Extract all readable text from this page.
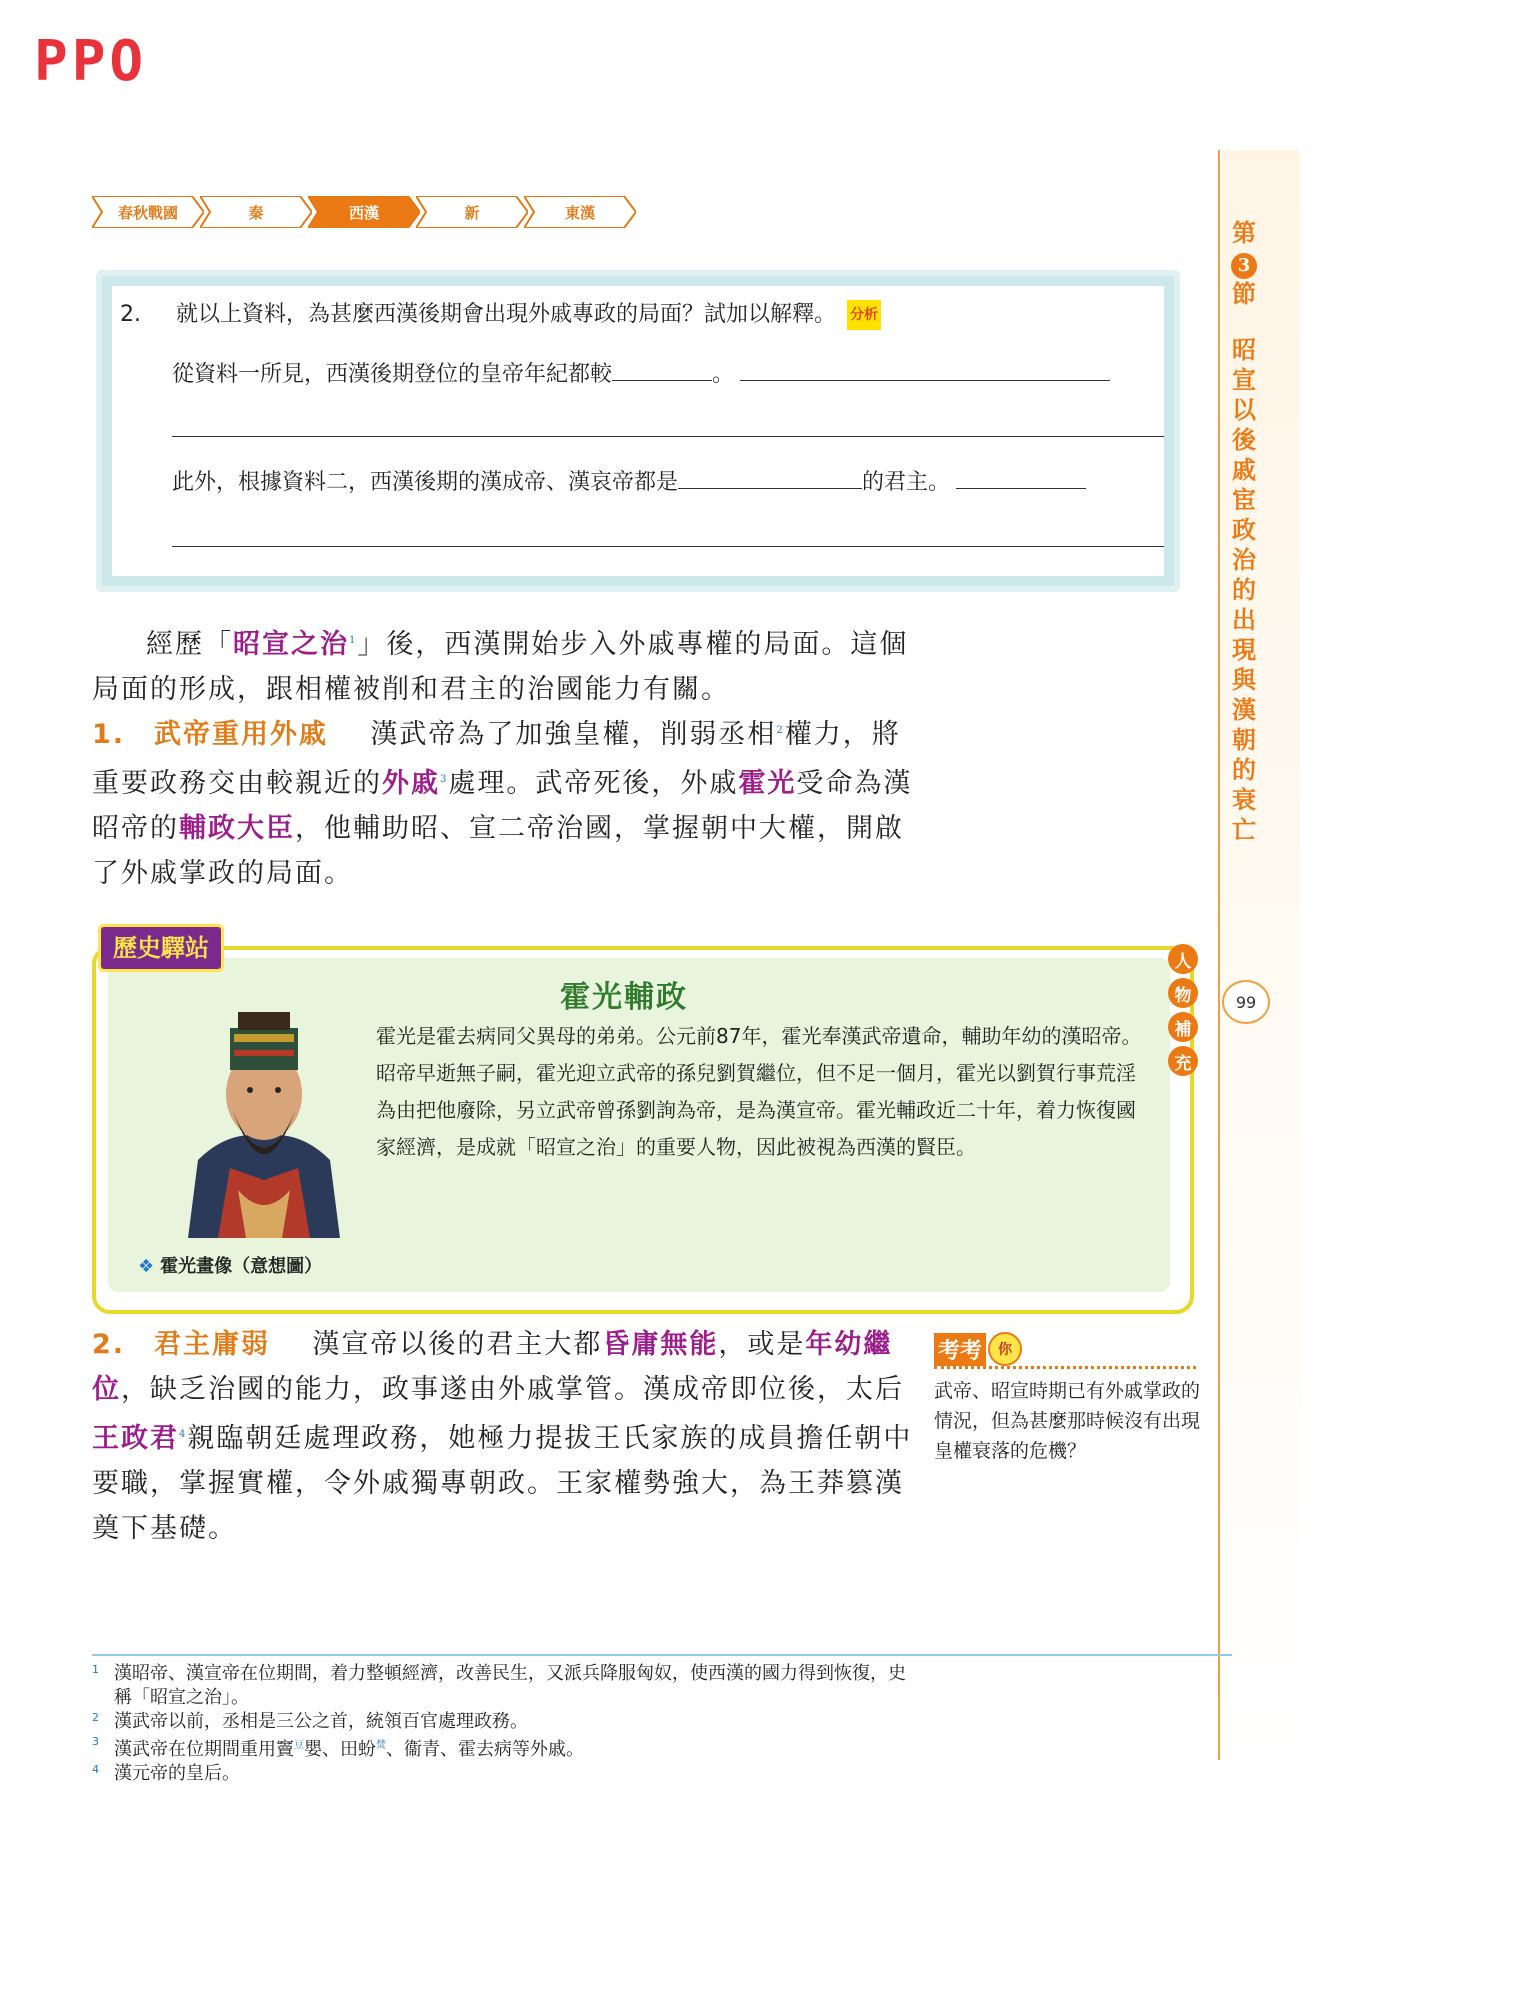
PPO
春秋戰國	秦	西漢	新	東漢
第
3
節
昭
宣
以
後
戚
宦
政
治
的
出
現
與
漢
朝
的
衰
亡
99
2. 就以上資料，為甚麼西漢後期會出現外戚專政的局面？試加以解釋。 分析
從資料一所見，西漢後期登位的皇帝年紀都較	。
此外，根據資料二，西漢後期的漢成帝、漢哀帝都是	的君主。
經歷「昭宣之治$^1$」後，西漢開始步入外戚專權的局面。這個局面的形成，跟相權被削和君主的治國能力有關。
1.　武帝重用外戚 漢武帝為了加強皇權，削弱丞相$^2$權力，將重要政務交由較親近的外戚$^3$處理。武帝死後，外戚霍光受命為漢昭帝的輔政大臣，他輔助昭、宣二帝治國，掌握朝中大權，開啟了外戚掌政的局面。
歷史驛站
霍光輔政
❖ 霍光畫像（意想圖）
霍光是霍去病同父異母的弟弟。公元前87年，霍光奉漢武帝遺命，輔助年幼的漢昭帝。昭帝早逝無子嗣，霍光迎立武帝的孫兒劉賀繼位，但不足一個月，霍光以劉賀行事荒淫為由把他廢除，另立武帝曾孫劉詢為帝，是為漢宣帝。霍光輔政近二十年，着力恢復國家經濟，是成就「昭宣之治」的重要人物，因此被視為西漢的賢臣。
人
物
補
充
2.　君主庸弱 漢宣帝以後的君主大都昏庸無能，或是年幼繼位，缺乏治國的能力，政事遂由外戚掌管。漢成帝即位後，太后王政君$^4$親臨朝廷處理政務，她極力提拔王氏家族的成員擔任朝中要職，掌握實權，令外戚獨專朝政。王家權勢強大，為王莽篡漢奠下基礎。
考考	你
武帝、昭宣時期已有外戚掌政的情況，但為甚麼那時候沒有出現皇權衰落的危機？
1 漢昭帝、漢宣帝在位期間，着力整頓經濟，改善民生，又派兵降服匈奴，使西漢的國力得到恢復，史稱「昭宣之治」。
2 漢武帝以前，丞相是三公之首，統領百官處理政務。
3 漢武帝在位期間重用竇$^豆$嬰、田蚡$^焚$、衞青、霍去病等外戚。
4 漢元帝的皇后。
